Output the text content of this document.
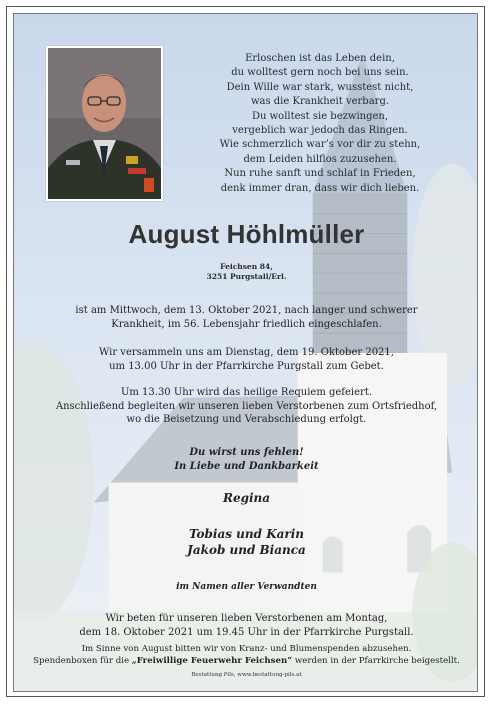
Erloschen ist das Leben dein,
du wolltest gern noch bei uns sein.
Dein Wille war stark, wusstest nicht,
was die Krankheit verbarg.
Du wolltest sie bezwingen,
vergeblich war jedoch das Ringen.
Wie schmerzlich war’s vor dir zu stehn,
dem Leiden hilflos zuzusehen.
Nun ruhe sanft und schlaf in Frieden,
denk immer dran, dass wir dich lieben.
August Höhlmüller
Feichsen 84,
3251 Purgstall/Erl.
ist am Mittwoch, dem 13. Oktober 2021, nach langer und schwerer
Krankheit, im 56. Lebensjahr friedlich eingeschlafen.
Wir versammeln uns am Dienstag, dem 19. Oktober 2021,
um 13.00 Uhr in der Pfarrkirche Purgstall zum Gebet.
Um 13.30 Uhr wird das heilige Requiem gefeiert.
Anschließend begleiten wir unseren lieben Verstorbenen zum Ortsfriedhof,
wo die Beisetzung und Verabschiedung erfolgt.
Du wirst uns fehlen!
In Liebe und Dankbarkeit
Regina
Tobias und Karin
Jakob und Bianca
im Namen aller Verwandten
Wir beten für unseren lieben Verstorbenen am Montag,
dem 18. Oktober 2021 um 19.45 Uhr in der Pfarrkirche Purgstall.
Im Sinne von August bitten wir von Kranz- und Blumenspenden abzusehen.
Spendenboxen für die „Freiwillige Feuerwehr Feichsen“ werden in der Pfarrkirche beigestellt.
Bestattung Pils, www.bestattung-pils.at
